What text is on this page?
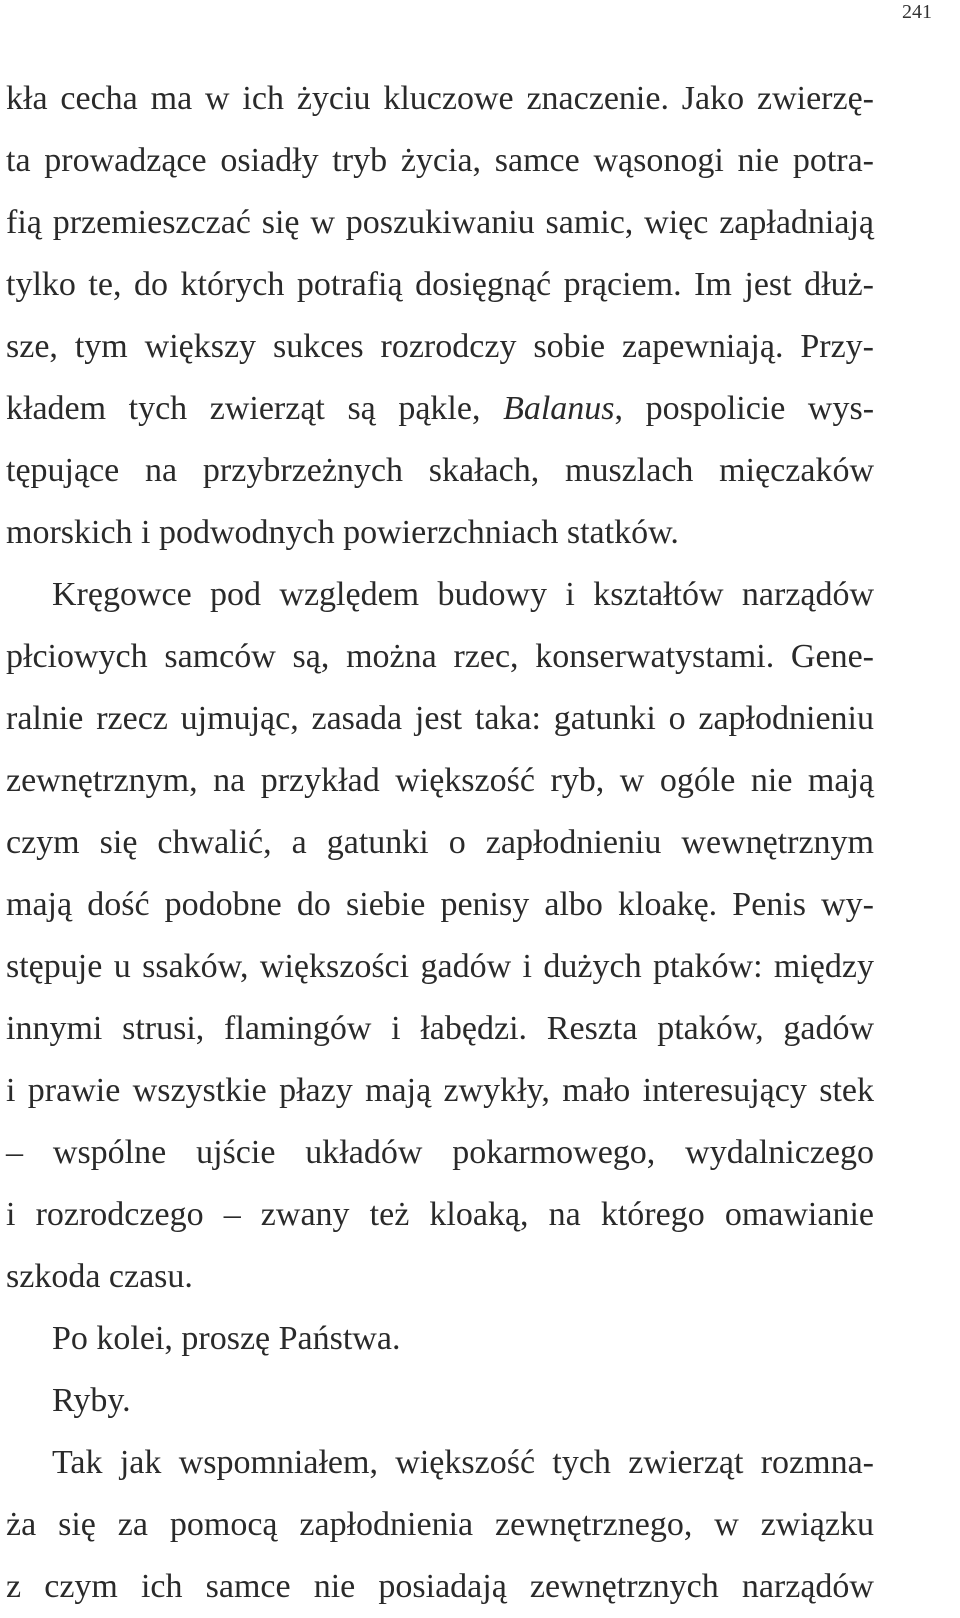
241
kła cecha ma w ich życiu kluczowe znaczenie. Jako zwierzę-
ta prowadzące osiadły tryb życia, samce wąsonogi nie potra-
fią przemieszczać się w poszukiwaniu samic, więc zapładniają
tylko te, do których potrafią dosięgnąć prąciem. Im jest dłuż-
sze, tym większy sukces rozrodczy sobie zapewniają. Przy-
kładem tych zwierząt są pąkle, Balanus, pospolicie wys-
tępujące na przybrzeżnych skałach, muszlach mięczaków
morskich i podwodnych powierzchniach statków.
Kręgowce pod względem budowy i kształtów narządów
płciowych samców są, można rzec, konserwatystami. Gene-
ralnie rzecz ujmując, zasada jest taka: gatunki o zapłodnieniu
zewnętrznym, na przykład większość ryb, w ogóle nie mają
czym się chwalić, a gatunki o zapłodnieniu wewnętrznym
mają dość podobne do siebie penisy albo kloakę. Penis wy-
stępuje u ssaków, większości gadów i dużych ptaków: między
innymi strusi, flamingów i łabędzi. Reszta ptaków, gadów
i prawie wszystkie płazy mają zwykły, mało interesujący stek
– wspólne ujście układów pokarmowego, wydalniczego
i rozrodczego – zwany też kloaką, na którego omawianie
szkoda czasu.
Po kolei, proszę Państwa.
Ryby.
Tak jak wspomniałem, większość tych zwierząt rozmna-
ża się za pomocą zapłodnienia zewnętrznego, w związku
z czym ich samce nie posiadają zewnętrznych narządów
